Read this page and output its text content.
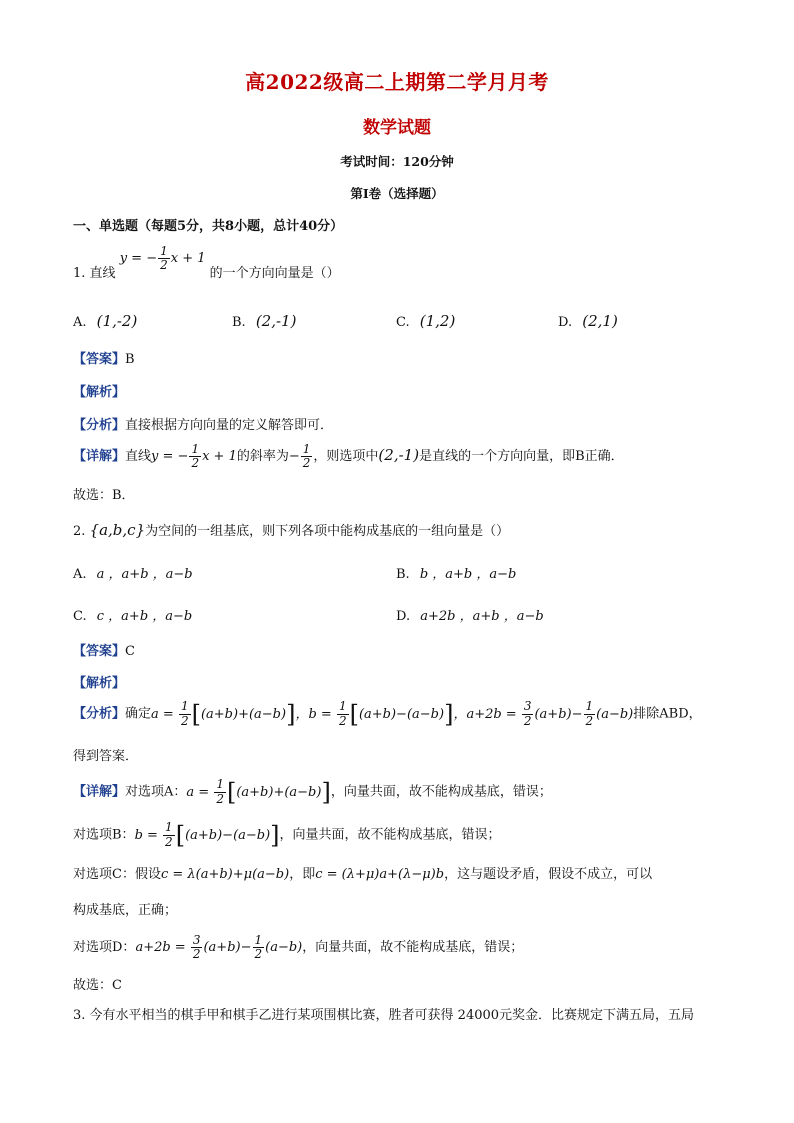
高2022级高二上期第二学月月考
数学试题
考试时间：120分钟
第I卷（选择题）
一、单选题（每题5分，共8小题，总计40分）
1. 直线 y = − $\frac{1}{2}$ x + 1 的一个方向向量是（）
A. (1,-2)	B. (2,-1)	C. (1,2)	D. (2,1)
【答案】B
【解析】
【分析】直接根据方向向量的定义解答即可．
【详解】直线y = − $\frac{1}{2}$ x + 1的斜率为− $\frac{1}{2}$ ，则选项中(2,-1)是直线的一个方向向量，即B正确．
故选：B．
2. {a,b,c}为空间的一组基底，则下列各项中能构成基底的一组向量是（）
A. a ，a+b ，a−b	B. b ，a+b ，a−b
C. c ，a+b ，a−b	D. a+2b ，a+b ，a−b
【答案】C
【解析】
【分析】确定$a = \frac{1}{2} [(a+b)+(a-b)]$，$b = \frac{1}{2} [(a+b)-(a-b)]$，$a+2b = \frac{3}{2} (a+b)- \frac{1}{2} (a-b)$排除ABD，
得到答案．
【详解】对选项A：$a = \frac{1}{2} [(a+b)+(a-b)]$，向量共面，故不能构成基底，错误；
对选项B：$b = \frac{1}{2} [(a+b)-(a-b)]$，向量共面，故不能构成基底，错误；
对选项C：假设c = λ(a+b)+μ(a−b)，即c = (λ+μ)a+(λ−μ)b，这与题设矛盾，假设不成立，可以
构成基底，正确；
对选项D：$a+2b = \frac{3}{2} (a+b)- \frac{1}{2} (a-b)$，向量共面，故不能构成基底，错误；
故选：C
3. 今有水平相当的棋手甲和棋手乙进行某项围棋比赛，胜者可获得 24000元奖金．比赛规定下满五局，五局
